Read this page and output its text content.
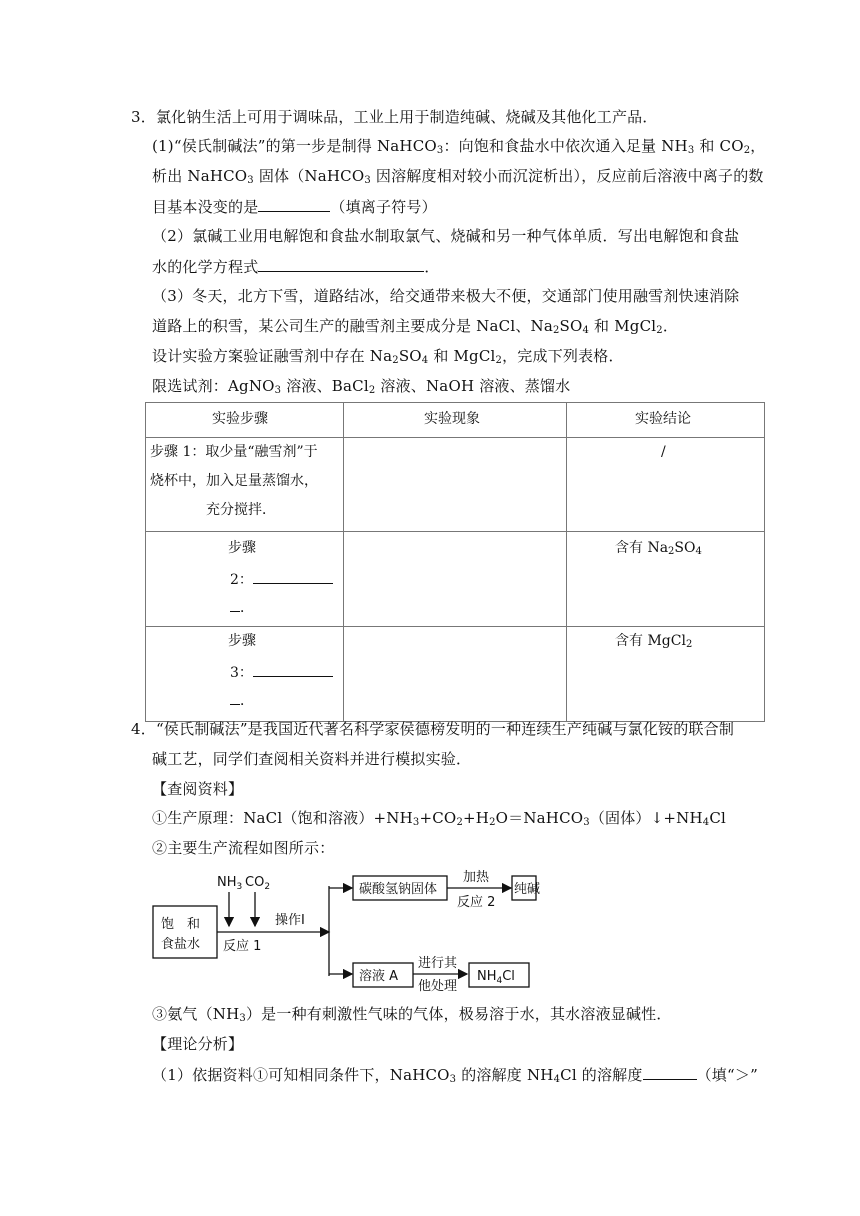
3．氯化钠生活上可用于调味品，工业上用于制造纯碱、烧碱及其他化工产品．
(1)“侯氏制碱法”的第一步是制得 NaHCO$_3$：向饱和食盐水中依次通入足量 $NH_3$ 和 $CO_2$，
析出 NaHCO$_3$ 固体（NaHCO$_3$ 因溶解度相对较小而沉淀析出），反应前后溶液中离子的数
目基本没变的是	（填离子符号）
（2）氯碱工业用电解饱和食盐水制取氯气、烧碱和另一种气体单质．写出电解饱和食盐
水的化学方程式	．
（3）冬天，北方下雪，道路结冰，给交通带来极大不便，交通部门使用融雪剂快速消除
道路上的积雪，某公司生产的融雪剂主要成分是 NaCl、$Na_2SO_4$ 和 MgCl$_2$．
设计实验方案验证融雪剂中存在 $Na_2SO_4$ 和 MgCl$_2$，完成下列表格．
限选试剂：AgNO$_3$ 溶液、BaCl$_2$ 溶液、NaOH 溶液、蒸馏水
实验步骤	实验现象	实验结论

步骤 1：取少量“融雪剂”于
烧杯中，加入足量蒸馏水，
充分搅拌．		/

步骤
2：
．		含有 $Na_2SO_4$

步骤
3：
．		含有 MgCl$_2$
4．“侯氏制碱法”是我国近代著名科学家侯德榜发明的一种连续生产纯碱与氯化铵的联合制
碱工艺，同学们查阅相关资料并进行模拟实验．
【查阅资料】
①生产原理：NaCl（饱和溶液）$+NH_3+CO_2+H_2O=NaHCO_3$（固体）$↓+NH_4Cl$
②主要生产流程如图所示：
$NH_3$ $CO_2$
饱　和
食盐水 反应 1
操作Ⅰ
碳酸氢钠固体
加热
反应 2
纯碱
溶液 A
进行其
他处理
$NH_4Cl$
③氨气$(NH_3)$是一种有刺激性气味的气体，极易溶于水，其水溶液显碱性．
【理论分析】
（1）依据资料①可知相同条件下，NaHCO$_3$ 的溶解度 $NH_4Cl$ 的溶解度	（填“＞”
